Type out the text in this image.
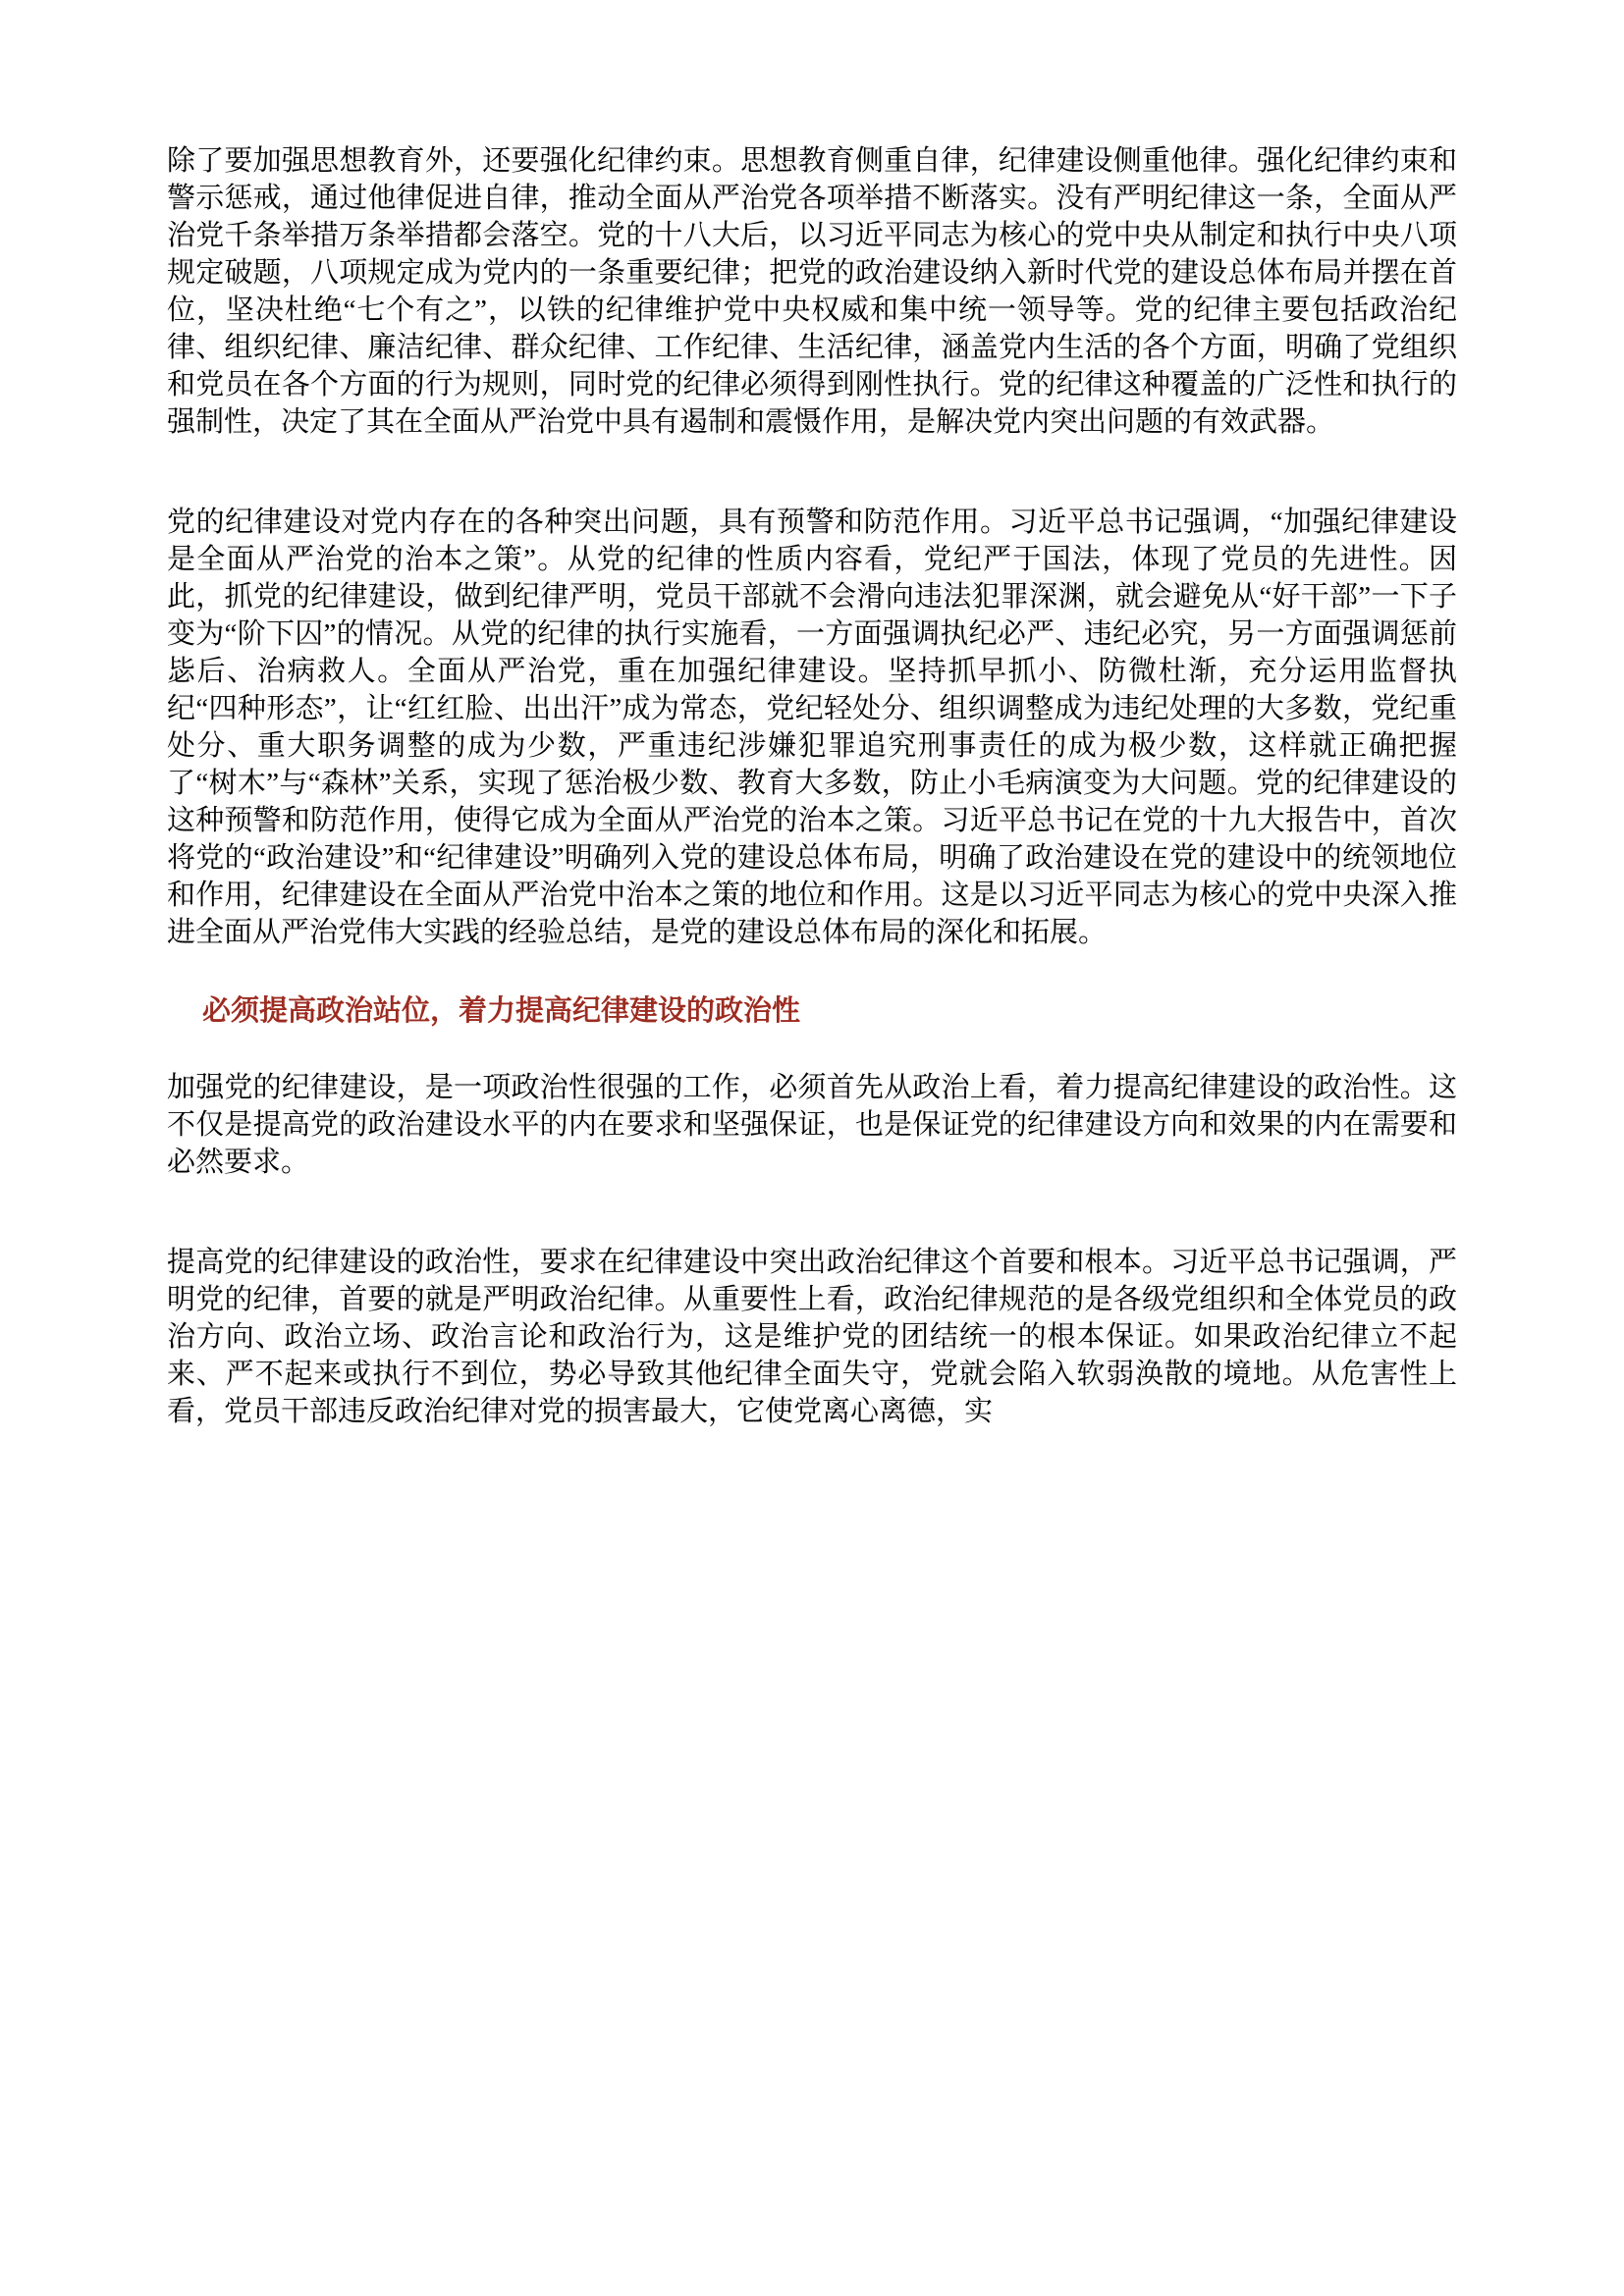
除了要加强思想教育外，还要强化纪律约束。思想教育侧重自律，纪律建设侧重他律。强化纪律约束和警示惩戒，通过他律促进自律，推动全面从严治党各项举措不断落实。没有严明纪律这一条，全面从严治党千条举措万条举措都会落空。党的十八大后，以习近平同志为核心的党中央从制定和执行中央八项规定破题，八项规定成为党内的一条重要纪律；把党的政治建设纳入新时代党的建设总体布局并摆在首位，坚决杜绝“七个有之”，以铁的纪律维护党中央权威和集中统一领导等。党的纪律主要包括政治纪律、组织纪律、廉洁纪律、群众纪律、工作纪律、生活纪律，涵盖党内生活的各个方面，明确了党组织和党员在各个方面的行为规则，同时党的纪律必须得到刚性执行。党的纪律这种覆盖的广泛性和执行的强制性，决定了其在全面从严治党中具有遏制和震慑作用，是解决党内突出问题的有效武器。

党的纪律建设对党内存在的各种突出问题，具有预警和防范作用。习近平总书记强调，“加强纪律建设是全面从严治党的治本之策”。从党的纪律的性质内容看，党纪严于国法，体现了党员的先进性。因此，抓党的纪律建设，做到纪律严明，党员干部就不会滑向违法犯罪深渊，就会避免从“好干部”一下子变为“阶下囚”的情况。从党的纪律的执行实施看，一方面强调执纪必严、违纪必究，另一方面强调惩前毖后、治病救人。全面从严治党，重在加强纪律建设。坚持抓早抓小、防微杜渐，充分运用监督执纪“四种形态”，让“红红脸、出出汗”成为常态，党纪轻处分、组织调整成为违纪处理的大多数，党纪重处分、重大职务调整的成为少数，严重违纪涉嫌犯罪追究刑事责任的成为极少数，这样就正确把握了“树木”与“森林”关系，实现了惩治极少数、教育大多数，防止小毛病演变为大问题。党的纪律建设的这种预警和防范作用，使得它成为全面从严治党的治本之策。习近平总书记在党的十九大报告中，首次将党的“政治建设”和“纪律建设”明确列入党的建设总体布局，明确了政治建设在党的建设中的统领地位和作用，纪律建设在全面从严治党中治本之策的地位和作用。这是以习近平同志为核心的党中央深入推进全面从严治党伟大实践的经验总结，是党的建设总体布局的深化和拓展。

必须提高政治站位，着力提高纪律建设的政治性

加强党的纪律建设，是一项政治性很强的工作，必须首先从政治上看，着力提高纪律建设的政治性。这不仅是提高党的政治建设水平的内在要求和坚强保证，也是保证党的纪律建设方向和效果的内在需要和必然要求。

提高党的纪律建设的政治性，要求在纪律建设中突出政治纪律这个首要和根本。习近平总书记强调，严明党的纪律，首要的就是严明政治纪律。从重要性上看，政治纪律规范的是各级党组织和全体党员的政治方向、政治立场、政治言论和政治行为，这是维护党的团结统一的根本保证。如果政治纪律立不起来、严不起来或执行不到位，势必导致其他纪律全面失守，党就会陷入软弱涣散的境地。从危害性上看，党员干部违反政治纪律对党的损害最大，它使党离心离德，实
